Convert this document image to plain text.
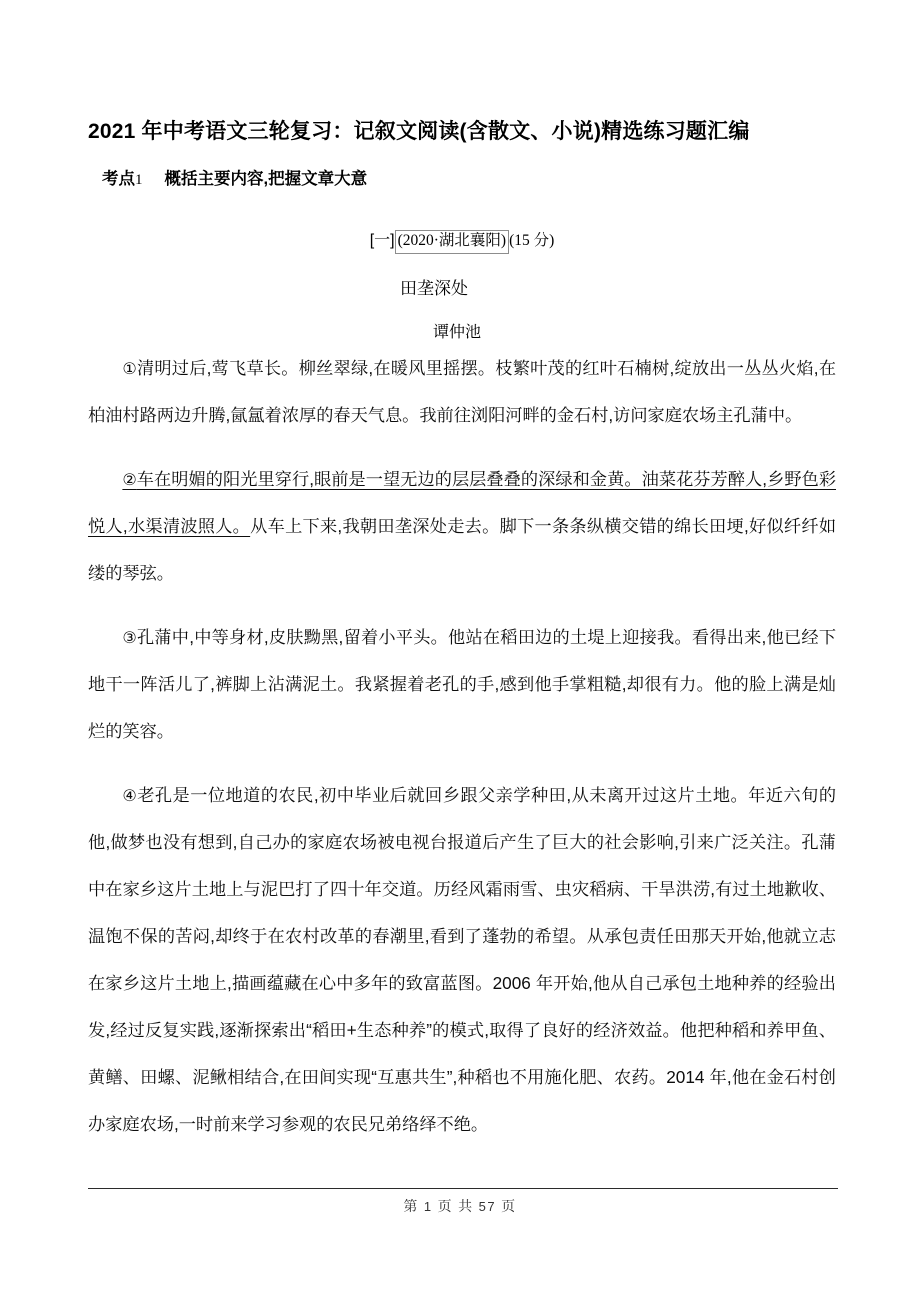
2021 年中考语文三轮复习：记叙文阅读(含散文、小说)精选练习题汇编
考点1 概括主要内容,把握文章大意
[一] (2020·湖北襄阳) (15 分)
田垄深处
谭仲池

①清明过后,莺飞草长。柳丝翠绿,在暖风里摇摆。枝繁叶茂的红叶石楠树,绽放出一丛丛火焰,在柏油村路两边升腾,氤氲着浓厚的春天气息。我前往浏阳河畔的金石村,访问家庭农场主孔蒲中。

②车在明媚的阳光里穿行,眼前是一望无边的层层叠叠的深绿和金黄。油菜花芬芳醉人,乡野色彩悦人,水渠清波照人。从车上下来,我朝田垄深处走去。脚下一条条纵横交错的绵长田埂,好似纤纤如缕的琴弦。

③孔蒲中,中等身材,皮肤黝黑,留着小平头。他站在稻田边的土堤上迎接我。看得出来,他已经下地干一阵活儿了,裤脚上沾满泥土。我紧握着老孔的手,感到他手掌粗糙,却很有力。他的脸上满是灿烂的笑容。

④老孔是一位地道的农民,初中毕业后就回乡跟父亲学种田,从未离开过这片土地。年近六旬的他,做梦也没有想到,自己办的家庭农场被电视台报道后产生了巨大的社会影响,引来广泛关注。孔蒲中在家乡这片土地上与泥巴打了四十年交道。历经风霜雨雪、虫灾稻病、干旱洪涝,有过土地歉收、温饱不保的苦闷,却终于在农村改革的春潮里,看到了蓬勃的希望。从承包责任田那天开始,他就立志在家乡这片土地上,描画蕴藏在心中多年的致富蓝图。2006 年开始,他从自己承包土地种养的经验出发,经过反复实践,逐渐探索出“稻田+生态种养”的模式,取得了良好的经济效益。他把种稻和养甲鱼、黄鳝、田螺、泥鳅相结合,在田间实现“互惠共生”,种稻也不用施化肥、农药。2014 年,他在金石村创办家庭农场,一时前来学习参观的农民兄弟络绎不绝。

第 1 页 共 57 页
